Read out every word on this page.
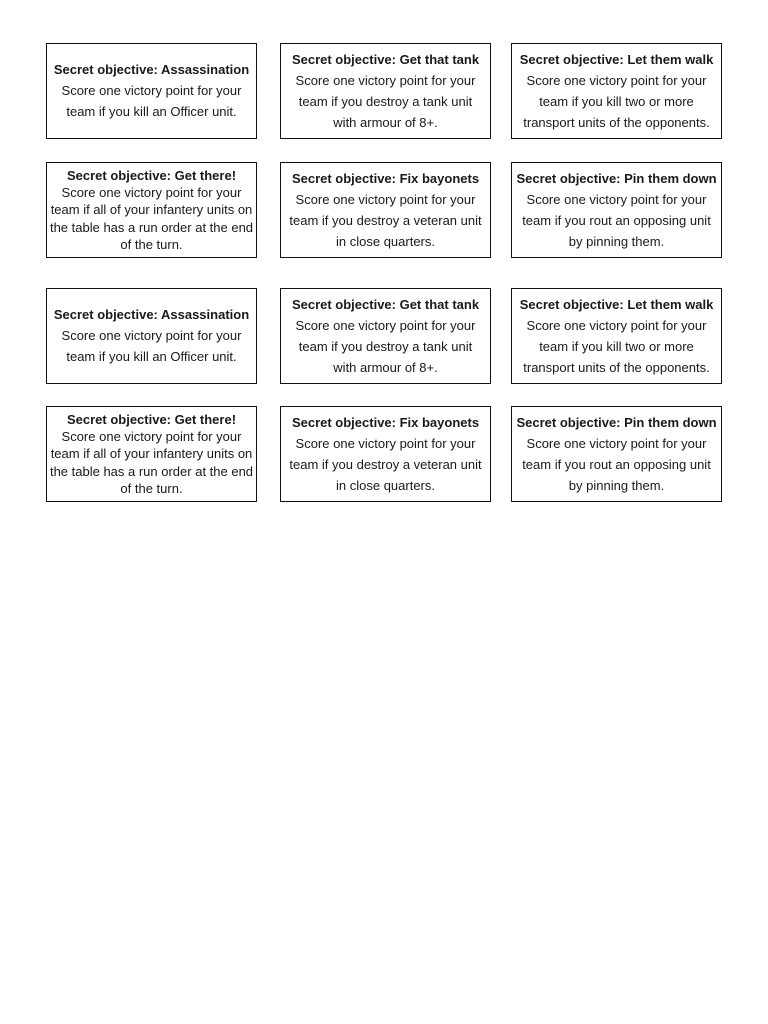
Secret objective: Assassination
Score one victory point for your team if you kill an Officer unit.
Secret objective: Get that tank
Score one victory point for your team if you destroy a tank unit with armour of 8+.
Secret objective: Let them walk
Score one victory point for your team if you kill two or more transport units of the opponents.
Secret objective: Get there!
Score one victory point for your team if all of your infantery units on the table has a run order at the end of the turn.
Secret objective: Fix bayonets
Score one victory point for your team if you destroy a veteran unit in close quarters.
Secret objective: Pin them down
Score one victory point for your team if you rout an opposing unit by pinning them.
Secret objective: Assassination
Score one victory point for your team if you kill an Officer unit.
Secret objective: Get that tank
Score one victory point for your team if you destroy a tank unit with armour of 8+.
Secret objective: Let them walk
Score one victory point for your team if you kill two or more transport units of the opponents.
Secret objective: Get there!
Score one victory point for your team if all of your infantery units on the table has a run order at the end of the turn.
Secret objective: Fix bayonets
Score one victory point for your team if you destroy a veteran unit in close quarters.
Secret objective: Pin them down
Score one victory point for your team if you rout an opposing unit by pinning them.
